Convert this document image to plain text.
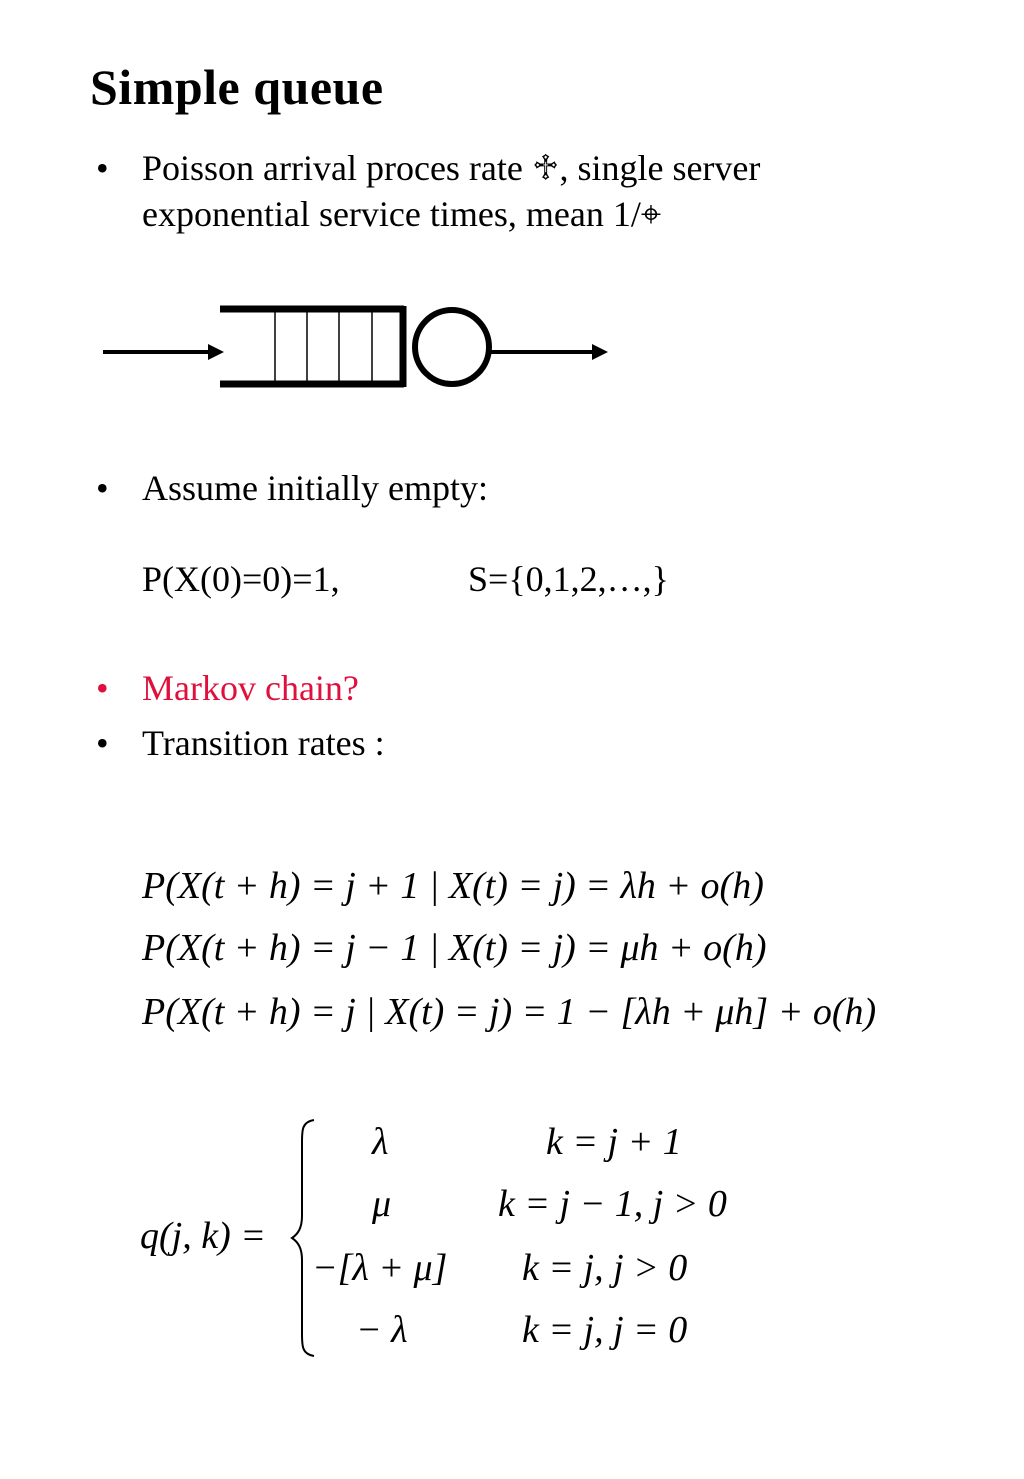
Simple queue
• Poisson arrival proces rate ♱, single server
exponential service times, mean 1/⌖
• Assume initially empty:
P(X(0)=0)=1,	S={0,1,2,…,}
• Markov chain?
• Transition rates :
P(X(t + h) = j + 1 | X(t) = j) = λh + o(h)
P(X(t + h) = j − 1 | X(t) = j) = μh + o(h)
P(X(t + h) = j | X(t) = j) = 1 − [λh + μh] + o(h)
q(j, k) =
λ	k = j + 1
μ	k = j − 1, j > 0
−[λ + μ] k = j, j > 0
− λ	k = j, j = 0
